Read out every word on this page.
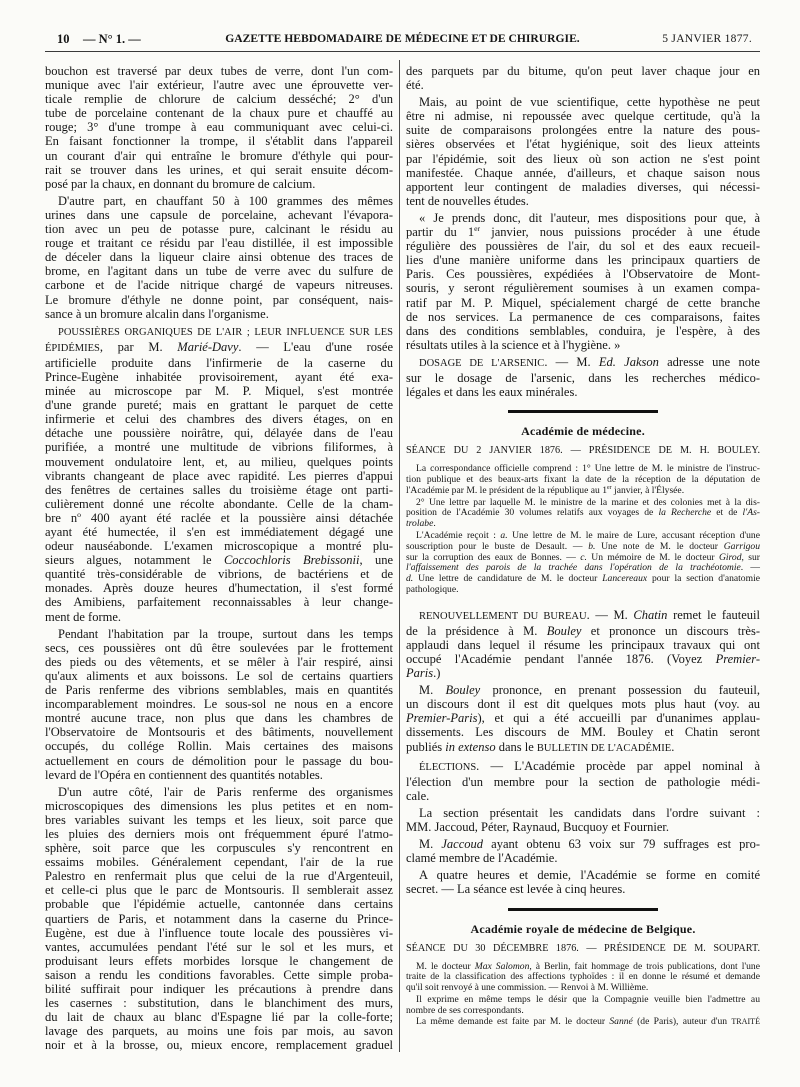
10 — N° 1. —	GAZETTE HEBDOMADAIRE DE MÉDECINE ET DE CHIRURGIE.	5 JANVIER 1877.
bouchon est traversé par deux tubes de verre, dont l'un com-
munique avec l'air extérieur, l'autre avec une éprouvette ver-
ticale remplie de chlorure de calcium desséché; 2° d'un
tube de porcelaine contenant de la chaux pure et chauffé au
rouge; 3° d'une trompe à eau communiquant avec celui-ci.
En faisant fonctionner la trompe, il s'établit dans l'appareil
un courant d'air qui entraîne le bromure d'éthyle qui pour-
rait se trouver dans les urines, et qui serait ensuite décom-
posé par la chaux, en donnant du bromure de calcium.
D'autre part, en chauffant 50 à 100 grammes des mêmes
urines dans une capsule de porcelaine, achevant l'évapora-
tion avec un peu de potasse pure, calcinant le résidu au
rouge et traitant ce résidu par l'eau distillée, il est impossible
de déceler dans la liqueur claire ainsi obtenue des traces de
brome, en l'agitant dans un tube de verre avec du sulfure de
carbone et de l'acide nitrique chargé de vapeurs nitreuses.
Le bromure d'éthyle ne donne point, par conséquent, nais-
sance à un bromure alcalin dans l'organisme.
POUSSIÈRES ORGANIQUES DE L'AIR ; LEUR INFLUENCE SUR LES
ÉPIDÉMIES, par M. Marié-Davy. — L'eau d'une rosée
artificielle produite dans l'infirmerie de la caserne du
Prince-Eugène inhabitée provisoirement, ayant été exa-
minée au microscope par M. P. Miquel, s'est montrée
d'une grande pureté; mais en grattant le parquet de cette
infirmerie et celui des chambres des divers étages, on en
détache une poussière noirâtre, qui, délayée dans de l'eau
purifiée, a montré une multitude de vibrions filiformes, à
mouvement ondulatoire lent, et, au milieu, quelques points
vibrants changeant de place avec rapidité. Les pierres d'appui
des fenêtres de certaines salles du troisième étage ont parti-
culièrement donné une récolte abondante. Celle de la cham-
bre $n^o$ 400 ayant été raclée et la poussière ainsi détachée
ayant été humectée, il s'en est immédiatement dégagé une
odeur nauséabonde. L'examen microscopique a montré plu-
sieurs algues, notamment le Coccochloris Brebissonii, une
quantité très-considérable de vibrions, de bactériens et de
monades. Après douze heures d'humectation, il s'est formé
des Amibiens, parfaitement reconnaissables à leur change-
ment de forme.
Pendant l'habitation par la troupe, surtout dans les temps
secs, ces poussières ont dû être soulevées par le frottement
des pieds ou des vêtements, et se mêler à l'air respiré, ainsi
qu'aux aliments et aux boissons. Le sol de certains quartiers
de Paris renferme des vibrions semblables, mais en quantités
incomparablement moindres. Le sous-sol ne nous en a encore
montré aucune trace, non plus que dans les chambres de
l'Observatoire de Montsouris et des bâtiments, nouvellement
occupés, du collége Rollin. Mais certaines des maisons
actuellement en cours de démolition pour le passage du bou-
levard de l'Opéra en contiennent des quantités notables.
D'un autre côté, l'air de Paris renferme des organismes
microscopiques des dimensions les plus petites et en nom-
bres variables suivant les temps et les lieux, soit parce que
les pluies des derniers mois ont fréquemment épuré l'atmo-
sphère, soit parce que les corpuscules s'y rencontrent en
essaims mobiles. Généralement cependant, l'air de la rue
Palestro en renfermait plus que celui de la rue d'Argenteuil,
et celle-ci plus que le parc de Montsouris. Il semblerait assez
probable que l'épidémie actuelle, cantonnée dans certains
quartiers de Paris, et notamment dans la caserne du Prince-
Eugène, est due à l'influence toute locale des poussières vi-
vantes, accumulées pendant l'été sur le sol et les murs, et
produisant leurs effets morbides lorsque le changement de
saison a rendu les conditions favorables. Cette simple proba-
bilité suffirait pour indiquer les précautions à prendre dans
les casernes : substitution, dans le blanchiment des murs,
du lait de chaux au blanc d'Espagne lié par la colle-forte;
lavage des parquets, au moins une fois par mois, au savon
noir et à la brosse, ou, mieux encore, remplacement graduel
des parquets par du bitume, qu'on peut laver chaque jour en
été.
Mais, au point de vue scientifique, cette hypothèse ne peut
être ni admise, ni repoussée avec quelque certitude, qu'à la
suite de comparaisons prolongées entre la nature des pous-
sières observées et l'état hygiénique, soit des lieux atteints
par l'épidémie, soit des lieux où son action ne s'est point
manifestée. Chaque année, d'ailleurs, et chaque saison nous
apportent leur contingent de maladies diverses, qui nécessi-
tent de nouvelles études.
« Je prends donc, dit l'auteur, mes dispositions pour que, à
partir du 1er janvier, nous puissions procéder à une étude
régulière des poussières de l'air, du sol et des eaux recueil-
lies d'une manière uniforme dans les principaux quartiers de
Paris. Ces poussières, expédiées à l'Observatoire de Mont-
souris, y seront régulièrement soumises à un examen compa-
ratif par M. P. Miquel, spécialement chargé de cette branche
de nos services. La permanence de ces comparaisons, faites
dans des conditions semblables, conduira, je l'espère, à des
résultats utiles à la science et à l'hygiène. »
DOSAGE DE L'ARSENIC. — M. Ed. Jakson adresse une note
sur le dosage de l'arsenic, dans les recherches médico-
légales et dans les eaux minérales.
Académie de médecine.
SÉANCE DU 2 JANVIER 1876. — PRÉSIDENCE DE M. H. BOULEY.
La correspondance officielle comprend : 1° Une lettre de M. le ministre de l'instruc-
tion publique et des beaux-arts fixant la date de la réception de la députation de
l'Académie par M. le président de la république au 1er janvier, à l'Élysée.
2° Une lettre par laquelle M. le ministre de la marine et des colonies met à la dis-
position de l'Académie 30 volumes relatifs aux voyages de la Recherche et de l'As-
trolabe.
L'Académie reçoit : a. Une lettre de M. le maire de Lure, accusant réception d'une
souscription pour le buste de Desault. — b. Une note de M. le docteur Garrigou
sur la corruption des eaux de Bonnes. — c. Un mémoire de M. le docteur Girod, sur
l'affaissement des parois de la trachée dans l'opération de la trachéotomie. —
d. Une lettre de candidature de M. le docteur Lancereaux pour la section d'anatomie
pathologique.
RENOUVELLEMENT DU BUREAU. — M. Chatin remet le fauteuil
de la présidence à M. Bouley et prononce un discours très-
applaudi dans lequel il résume les principaux travaux qui ont
occupé l'Académie pendant l'année 1876. (Voyez Premier-
Paris.)
M. Bouley prononce, en prenant possession du fauteuil,
un discours dont il est dit quelques mots plus haut (voy. au
Premier-Paris), et qui a été accueilli par d'unanimes applau-
dissements. Les discours de MM. Bouley et Chatin seront
publiés in extenso dans le BULLETIN DE L'ACADÉMIE.
ÉLECTIONS. — L'Académie procède par appel nominal à
l'élection d'un membre pour la section de pathologie médi-
cale.
La section présentait les candidats dans l'ordre suivant :
MM. Jaccoud, Péter, Raynaud, Bucquoy et Fournier.
M. Jaccoud ayant obtenu 63 voix sur 79 suffrages est pro-
clamé membre de l'Académie.
A quatre heures et demie, l'Académie se forme en comité
secret. — La séance est levée à cinq heures.
Académie royale de médecine de Belgique.
SÉANCE DU 30 DÉCEMBRE 1876. — PRÉSIDENCE DE M. SOUPART.
M. le docteur Max Salomon, à Berlin, fait hommage de trois publications, dont l'une
traite de la classification des affections typhoïdes : il en donne le résumé et demande
qu'il soit renvoyé à une commission. — Renvoi à M. Willième.
Il exprime en même temps le désir que la Compagnie veuille bien l'admettre au
nombre de ses correspondants.
La même demande est faite par M. le docteur Sanné (de Paris), auteur d'un TRAITÉ
